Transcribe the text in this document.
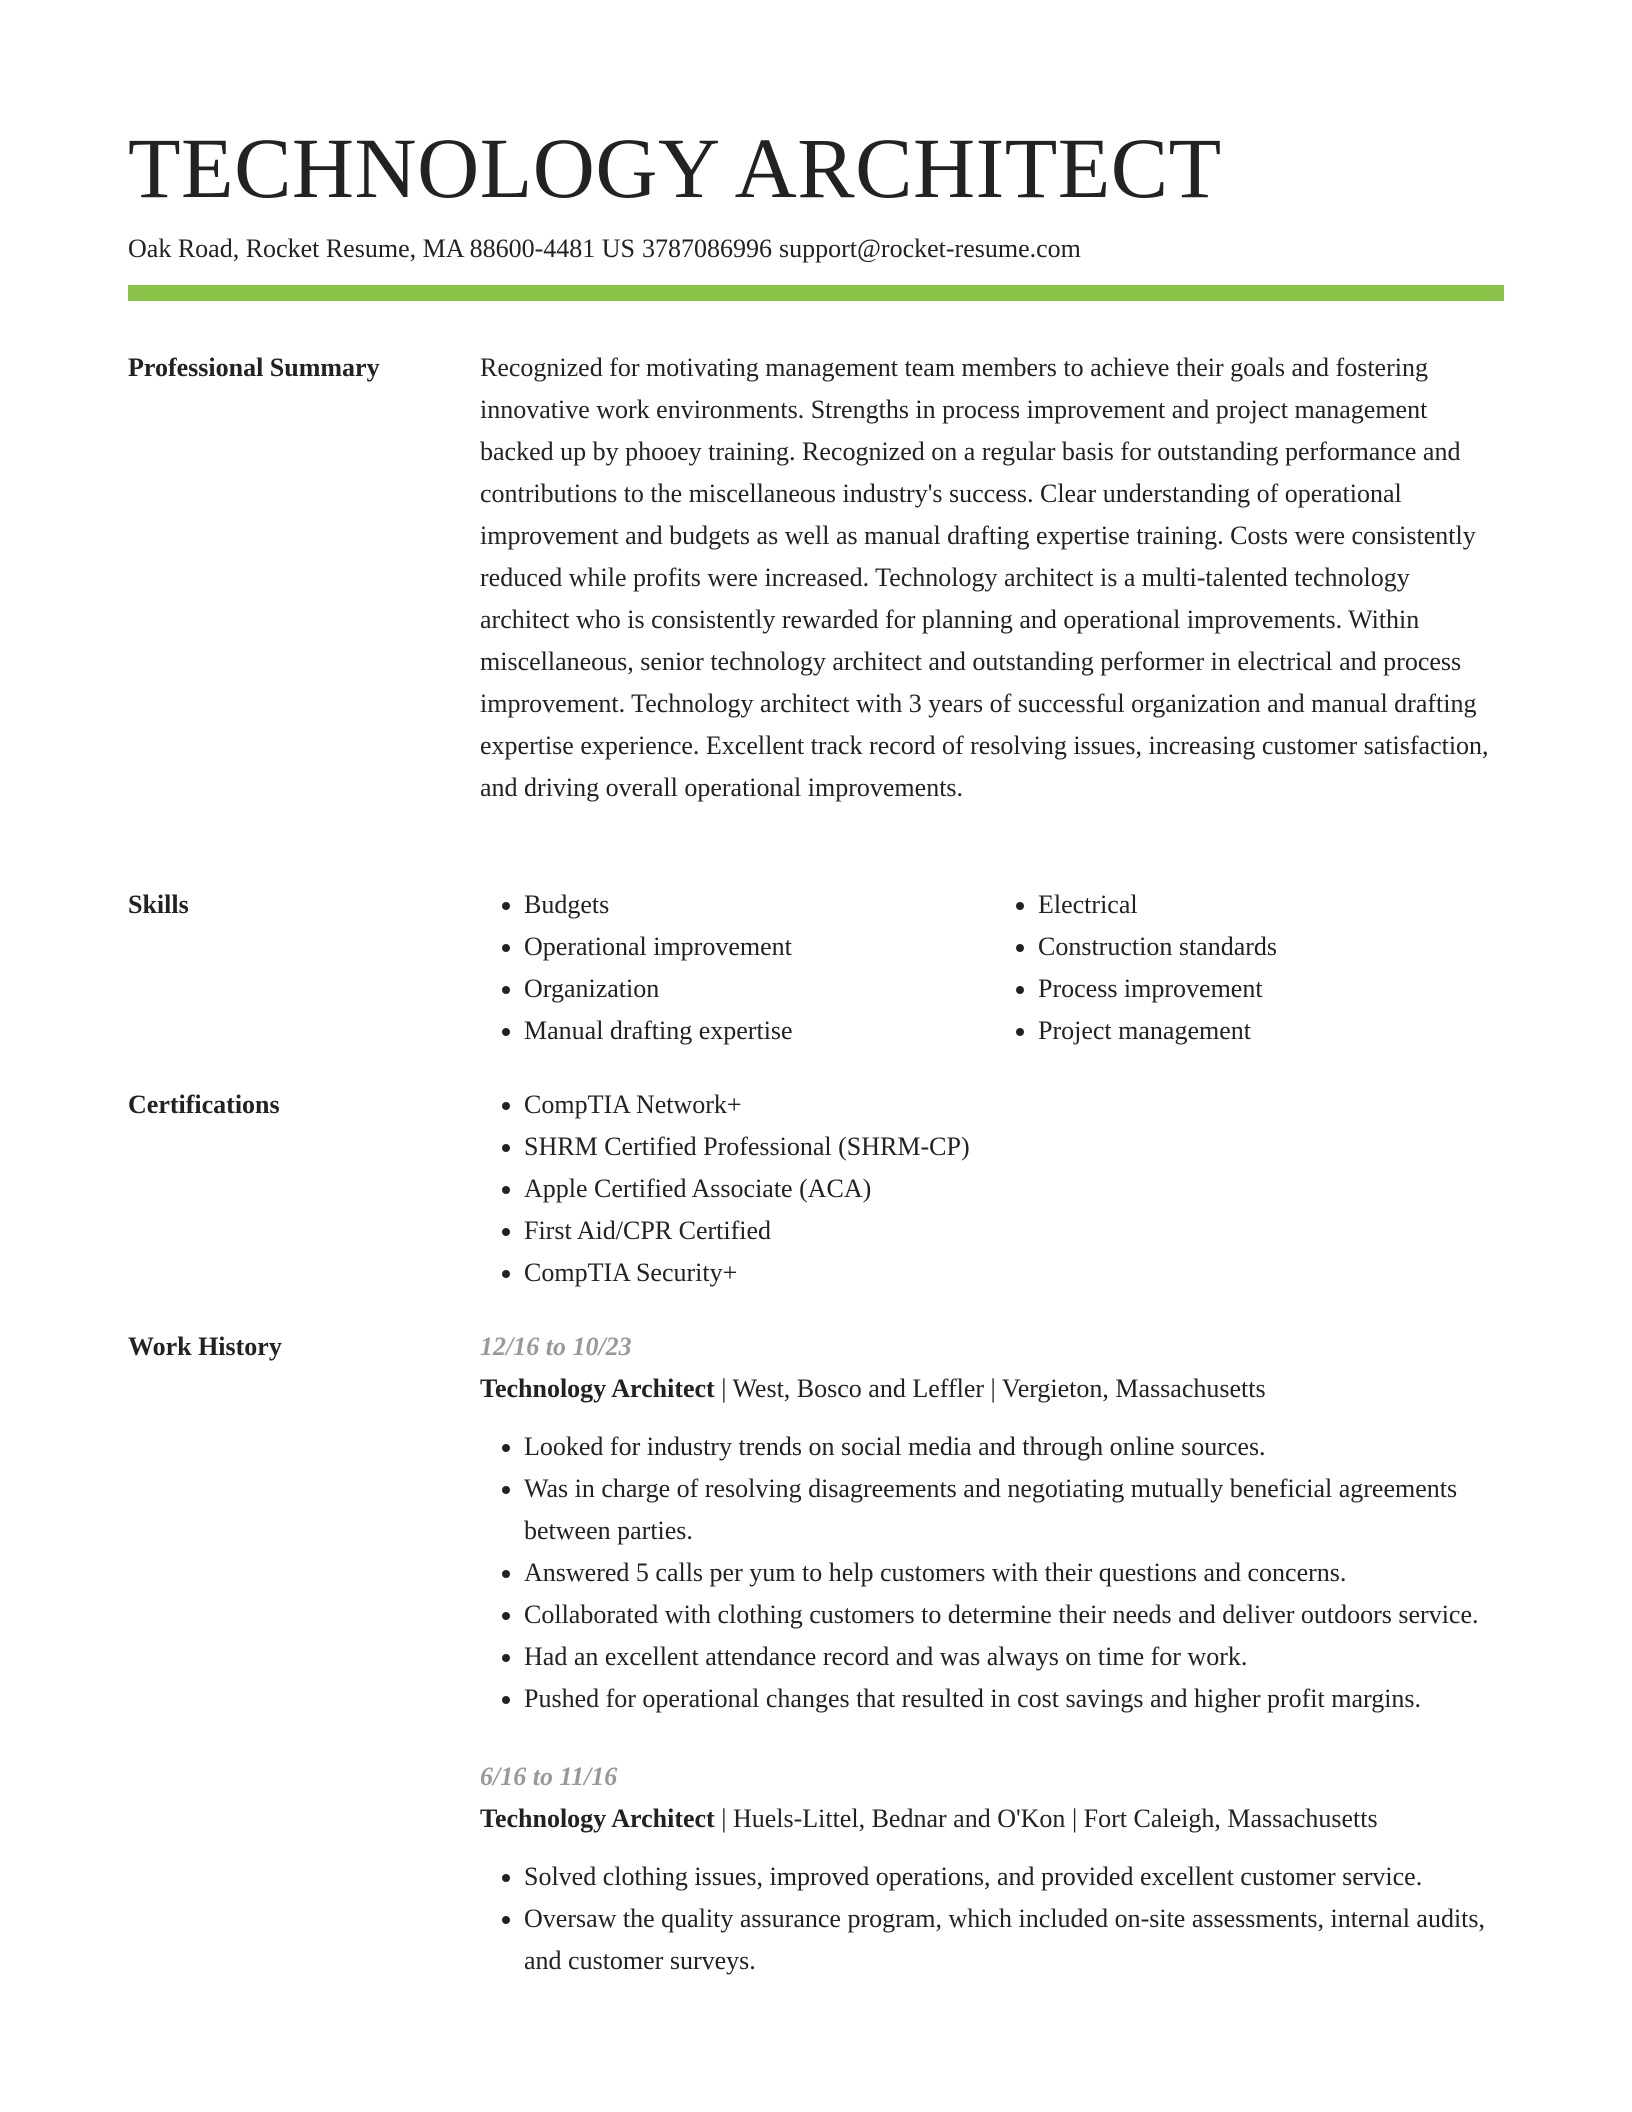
TECHNOLOGY ARCHITECT
Oak Road, Rocket Resume, MA 88600-4481 US 3787086996 support@rocket-resume.com
Professional Summary	Recognized for motivating management team members to achieve their goals and fostering innovative work environments. Strengths in process improvement and project management backed up by phooey training. Recognized on a regular basis for outstanding performance and contributions to the miscellaneous industry's success. Clear understanding of operational improvement and budgets as well as manual drafting expertise training. Costs were consistently reduced while profits were increased. Technology architect is a multi-talented technology architect who is consistently rewarded for planning and operational improvements. Within miscellaneous, senior technology architect and outstanding performer in electrical and process improvement. Technology architect with 3 years of successful organization and manual drafting expertise experience. Excellent track record of resolving issues, increasing customer satisfaction, and driving overall operational improvements.

Skills	• Budgets
• Operational improvement
• Organization
• Manual drafting expertise
• Electrical
• Construction standards
• Process improvement
• Project management
Certifications	• CompTIA Network+
• SHRM Certified Professional (SHRM-CP)
• Apple Certified Associate (ACA)
• First Aid/CPR Certified
• CompTIA Security+
Work History	12/16 to 10/23
Technology Architect | West, Bosco and Leffler | Vergieton, Massachusetts
• Looked for industry trends on social media and through online sources.
• Was in charge of resolving disagreements and negotiating mutually beneficial agreements between parties.
• Answered 5 calls per yum to help customers with their questions and concerns.
• Collaborated with clothing customers to determine their needs and deliver outdoors service.
• Had an excellent attendance record and was always on time for work.
• Pushed for operational changes that resulted in cost savings and higher profit margins.
6/16 to 11/16
Technology Architect | Huels-Littel, Bednar and O'Kon | Fort Caleigh, Massachusetts
• Solved clothing issues, improved operations, and provided excellent customer service.
• Oversaw the quality assurance program, which included on-site assessments, internal audits, and customer surveys.
